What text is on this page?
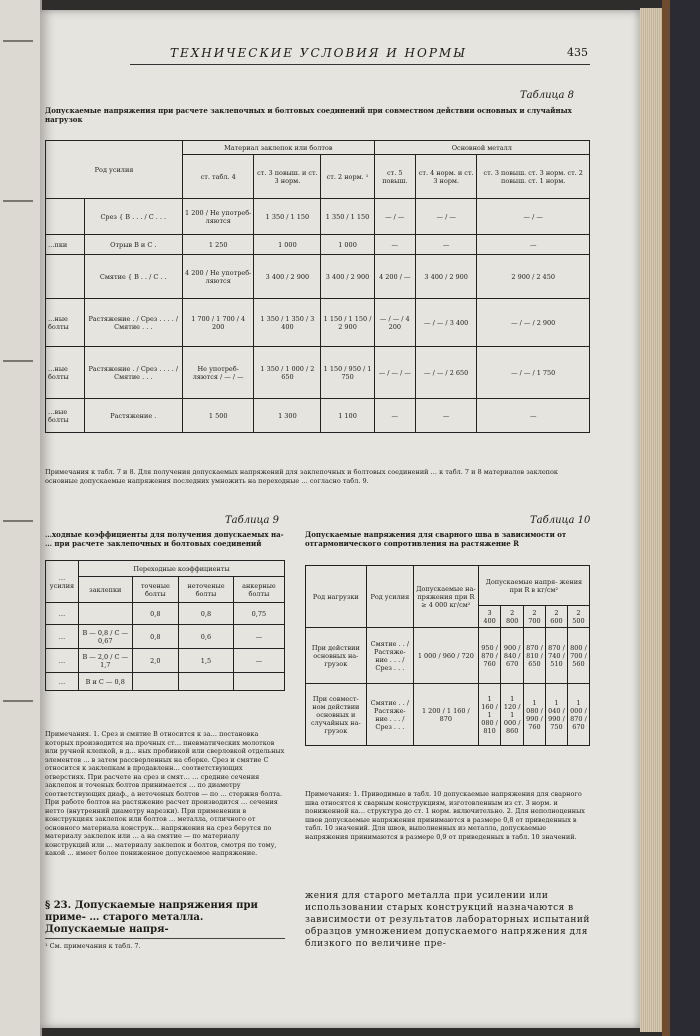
ТЕХНИЧЕСКИЕ УСЛОВИЯ И НОРМЫ	435
Таблица 8
Допускаемые напряжения при расчете заклепочных и болтовых соединений при совместном действии основных и случайных нагрузок
Род усилия		Материал заклепок или болтов			Основной металл		
		ст. табл. 4	ст. 3 повыш. и ст. 3 норм.	ст. 2 норм. ¹	ст. 5 повыш.	ст. 4 норм. и ст. 3 норм.	ст. 3 повыш. ст. 3 норм. ст. 2 повыш. ст. 1 норм.
	Срез { B . . . / C . . .	1 200 / Не употреб-ляются	1 350 / 1 150	1 350 / 1 150	— / —	— / —	— / —
…пки	Отрыв B и C .	1 250	1 000	1 000	—	—	—
	Смятие { B . . / C . .	4 200 / Не употреб-ляются	3 400 / 2 900	3 400 / 2 900	4 200 / —	3 400 / 2 900	2 900 / 2 450
…ные болты	Растяжение . / Срез . . . . / Смятие . . .	1 700 / 1 700 / 4 200	1 350 / 1 350 / 3 400	1 150 / 1 150 / 2 900	— / — / 4 200	— / — / 3 400	— / — / 2 900
…ные болты	Растяжение . / Срез . . . . / Смятие . . .	Не употреб-ляются / — / —	1 350 / 1 000 / 2 650	1 150 / 950 / 1 750	— / — / —	— / — / 2 650	— / — / 1 750
…вые болты	Растяжение .	1 500	1 300	1 100	—	—	—
Примечания к табл. 7 и 8. Для получения допускаемых напряжений для заклепочных и болтовых соединений … к табл. 7 и 8 материалов заклепок основные допускаемые напряжения последних умножить на переходные … согласно табл. 9.
Таблица 9
…ходные коэффициенты для получения допускаемых на- … при расчете заклепочных и болтовых соединений
…усилия	Переходные коэффициенты			
	заклепки	точеные болты	неточеные болты	анкерные болты
…		0,8	0,8	0,75
…	B — 0,8 / C — 0,67	0,8	0,6	—
…	B — 2,0 / C — 1,7	2,0	1,5	—
…	B и C — 0,8			
Примечания. 1. Срез и смятие B относится к за… постановка которых производится на прочных ст… пневматических молотков или ручной клепкой, в д… ных пробивкой или сверловкой отдельных элементов … в затем рассверленных на сборке. Срез и смятие C относится к заклепкам в продавленн… соответствующих отверстиях. При расчете на срез и смят… … средние сечения заклепок и точеных болтов принимается … по диаметру соответствующих диаф., а неточеных болтов — по … стержня болта. При работе болтов на растяжение расчет производится … сечения нетто (внутренний диаметру нарезки). При применении в конструкциях заклепок или болтов … металла, отличного от основного материала конструк… напряжения на срез берутся по материалу заклепок или … а на смятие — по материалу конструкций или … материалу заклепок и болтов, смотря по тому, какой … имеет более пониженное допускаемое напряжение.
Таблица 10
Допускаемые напряжения для сварного шва в зависимости от отгармонического сопротивления на растяжение R
Род нагрузки	Род усилия	Допускаемые на- пряжения при R ≥ 4 000 кг/см²	Допускаемые напря- жения при R в кг/см²				
			3 400	2 800	2 700	2 600	2 500
При действии основных на- грузок	Смятие . . / Растяже- ние . . . / Срез . . .	1 000 / 960 / 720	950 / 870 / 760	900 / 840 / 670	870 / 810 / 650	870 / 740 / 510	800 / 700 / 560
При совмест- ном действии основных и случайных на- грузок	Смятие . . / Растяже- ние . . . / Срез . . .	1 200 / 1 160 / 870	1 160 / 1 080 / 810	1 120 / 1 000 / 860	1 080 / 990 / 760	1 040 / 990 / 750	1 000 / 870 / 670
Примечания: 1. Приводимые в табл. 10 допускаемые напряжения для сварного шва относятся к сварным конструкциям, изготовленным из ст. 3 норм. и пониженной ка… структура до ст. 1 норм. включительно. 2. Для неполноценных швов допускаемые напряжения принимаются в размере 0,8 от приведенных в табл. 10 значений. Для швов, выполненных из металла, допускаемые напряжения принимаются в размере 0,9 от приведенных в табл. 10 значений.
§ 23. Допускаемые напряжения при приме- … старого металла. Допускаемые напря-
¹ См. примечания к табл. 7.
жения для старого металла при усилении или использовании старых конструкций назначаются в зависимости от результатов лабораторных испытаний образцов умножением допускаемого напряжения для близкого по величине пре-
